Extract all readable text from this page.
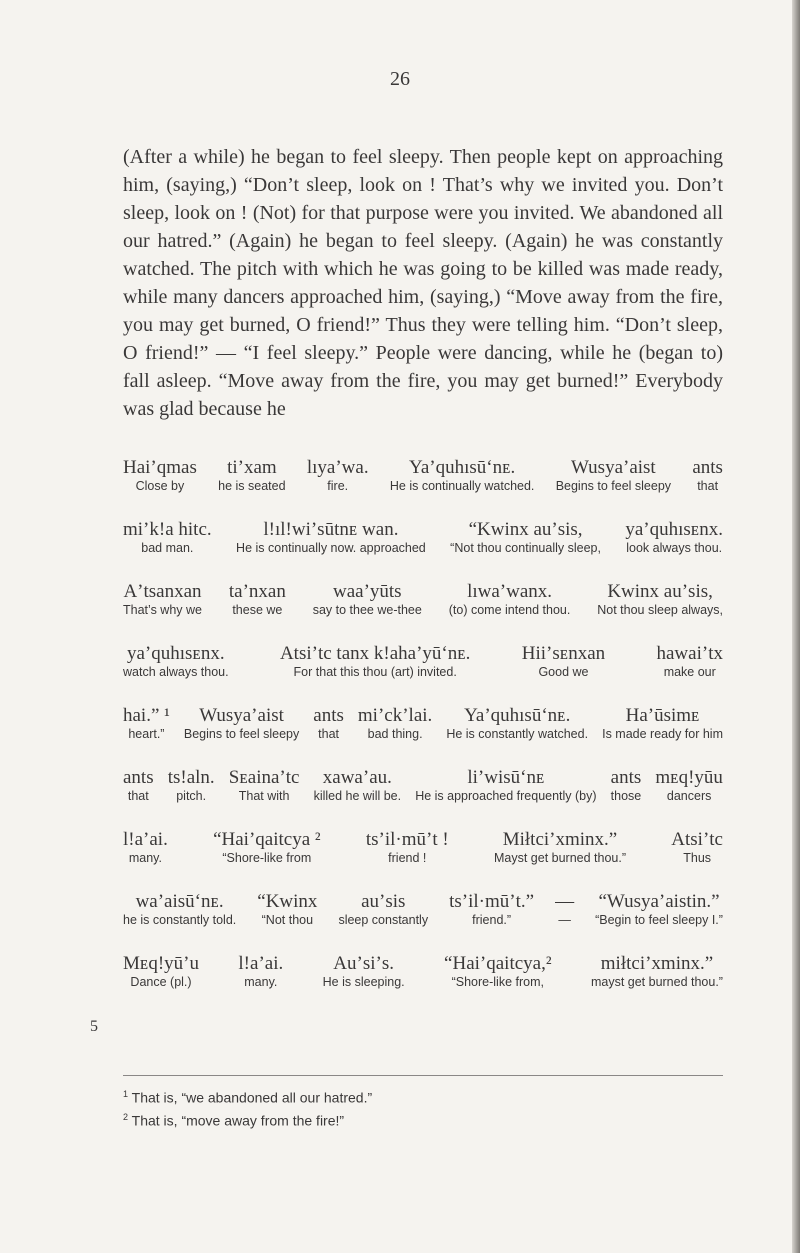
26
(After a while) he began to feel sleepy. Then people kept on approaching him, (saying,) “Don’t sleep, look on ! That’s why we invited you. Don’t sleep, look on ! (Not) for that purpose were you invited. We abandoned all our hatred.” (Again) he began to feel sleepy. (Again) he was constantly watched. The pitch with which he was going to be killed was made ready, while many dancers approached him, (saying,) “Move away from the fire, you may get burned, O friend!” Thus they were telling him. “Don’t sleep, O friend!” — “I feel sleepy.” People were dancing, while he (began to) fall asleep. “Move away from the fire, you may get burned!” Everybody was glad because he
Haiʼqmas
Close by
tiʼxam
he is seated
lıyaʼwa.
fire.
Yaʼquhısū‘nᴇ.
He is continually watched.
Wusyaʼaist
Begins to feel sleepy
ants
that
miʼk!a hitc.
bad man.
l!ıl!wiʼsūtnᴇ wan.
He is continually now. approached
“Kwinx auʼsis,
“Not thou continually sleep,
yaʼquhısᴇnx.
look always thou.
Aʼtsanxan
That’s why we
taʼnxan
these we
waaʼyūts
say to thee we-thee
lıwaʼwanx.
(to) come intend thou.
Kwinx auʼsis,
Not thou sleep always,
yaʼquhısᴇnx.
watch always thou.
Atsiʼtc tanx k!ahaʼyū‘nᴇ.
For that this thou (art) invited.
Hiiʼsᴇnxan
Good we
hawaiʼtx
make our
hai.” ¹
heart.”
Wusyaʼaist
Begins to feel sleepy
ants
that
miʼck’lai.
bad thing.
Yaʼquhısū‘nᴇ.
He is constantly watched.
Haʼūsimᴇ
Is made ready for him
ants
that
ts!aln.
pitch.
Sᴇainaʼtc
That with
xawaʼau.
killed he will be.
liʼwisū‘nᴇ
He is approached frequently (by)
ants
those
mᴇq!yūu
dancers
l!aʼai.
many.
“Haiʼqaitcya ²
“Shore-like from
ts’il·mūʼt !
friend !
Miłtciʼxminx.”
Mayst get burned thou.”
Atsiʼtc
Thus
waʼaisū‘nᴇ.
he is constantly told.
“Kwinx
“Not thou
auʼsis
sleep constantly
ts’il·mūʼt.”
friend.”
—
—
“Wusyaʼaistin.”
“Begin to feel sleepy I.”
Mᴇq!yūʼu
Dance (pl.)
l!aʼai.
many.
Auʼsiʼs.
He is sleeping.
“Haiʼqaitcya,²
“Shore-like from,
miłtciʼxminx.”
mayst get burned thou.”
5
$^1$ That is, “we abandoned all our hatred.”
$^2$ That is, “move away from the fire!”
